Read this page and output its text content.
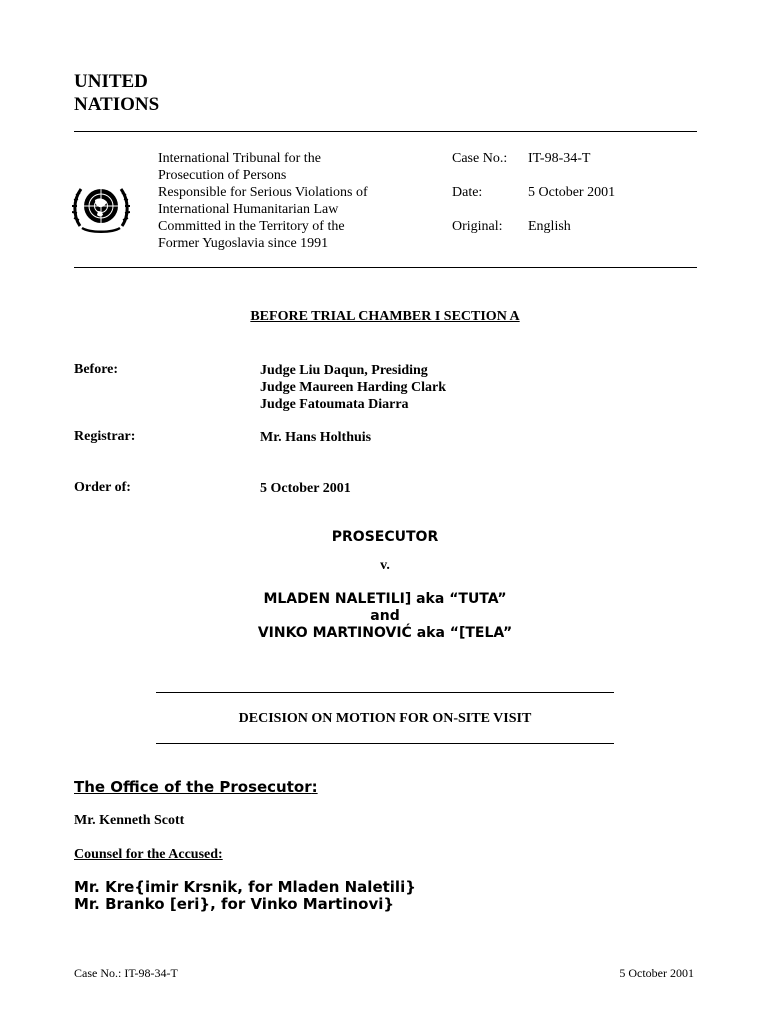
UNITED
NATIONS
International Tribunal for the
Prosecution of Persons
Responsible for Serious Violations of
International Humanitarian Law
Committed in the Territory of the
Former Yugoslavia since 1991
Case No.:	IT-98-34-T
Date:	5 October 2001
Original:	English
BEFORE TRIAL CHAMBER I SECTION A
Before:	Judge Liu Daqun, Presiding
Judge Maureen Harding Clark
Judge Fatoumata Diarra
Registrar:	Mr. Hans Holthuis
Order of:	5 October 2001
PROSECUTOR
v.
MLADEN NALETILI] aka “TUTA”
and
VINKO MARTINOVIĆ aka “[TELA”
DECISION ON MOTION FOR ON-SITE VISIT
The Office of the Prosecutor:
Mr. Kenneth Scott
Counsel for the Accused:
Mr. Kre{imir Krsnik, for Mladen Naletili}
Mr. Branko [eri}, for Vinko Martinovi}
Case No.: IT-98-34-T	5 October 2001
